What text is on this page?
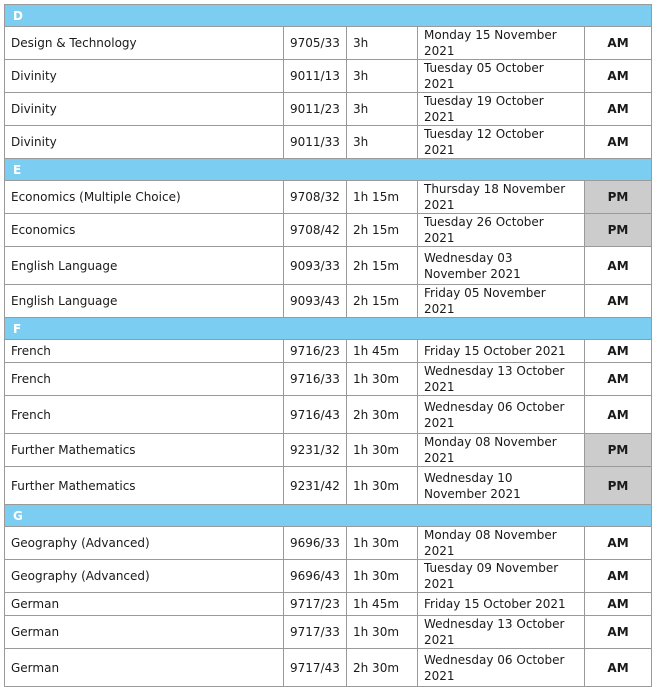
D				
Design & Technology	9705/33	3h	Monday 15 November 2021	AM
Divinity	9011/13	3h	Tuesday 05 October 2021	AM
Divinity	9011/23	3h	Tuesday 19 October 2021	AM
Divinity	9011/33	3h	Tuesday 12 October 2021	AM
E				
Economics (Multiple Choice)	9708/32	1h 15m	Thursday 18 November 2021	PM
Economics	9708/42	2h 15m	Tuesday 26 October 2021	PM
English Language	9093/33	2h 15m	Wednesday 03 November 2021	AM
English Language	9093/43	2h 15m	Friday 05 November 2021	AM
F				
French	9716/23	1h 45m	Friday 15 October 2021	AM
French	9716/33	1h 30m	Wednesday 13 October 2021	AM
French	9716/43	2h 30m	Wednesday 06 October 2021	AM
Further Mathematics	9231/32	1h 30m	Monday 08 November 2021	PM
Further Mathematics	9231/42	1h 30m	Wednesday 10 November 2021	PM
G				
Geography (Advanced)	9696/33	1h 30m	Monday 08 November 2021	AM
Geography (Advanced)	9696/43	1h 30m	Tuesday 09 November 2021	AM
German	9717/23	1h 45m	Friday 15 October 2021	AM
German	9717/33	1h 30m	Wednesday 13 October 2021	AM
German	9717/43	2h 30m	Wednesday 06 October 2021	AM
